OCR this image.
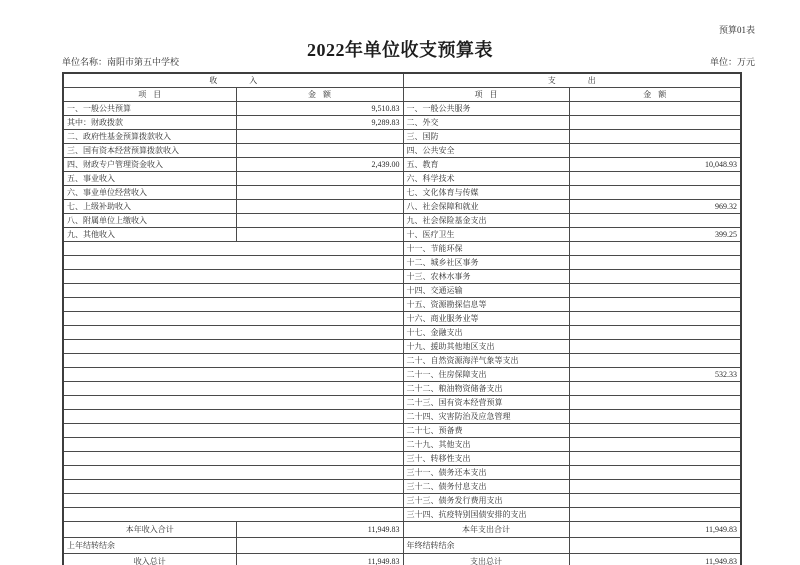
预算01表
2022年单位收支预算表
单位名称：南阳市第五中学校	单位：万元
收 入		支 出	
项 目	金 额	项 目	金 额
一、一般公共预算	9,510.83	一、一般公共服务	
其中：财政拨款	9,289.83	二、外交	
二、政府性基金预算拨款收入		三、国防	
三、国有资本经营预算拨款收入		四、公共安全	
四、财政专户管理资金收入	2,439.00	五、教育	10,048.93
五、事业收入		六、科学技术	
六、事业单位经营收入		七、文化体育与传媒	
七、上级补助收入		八、社会保障和就业	969.32
八、附属单位上缴收入		九、社会保险基金支出	
九、其他收入		十、医疗卫生	399.25
		十一、节能环保	
		十二、城乡社区事务	
		十三、农林水事务	
		十四、交通运输	
		十五、资源勘探信息等	
		十六、商业服务业等	
		十七、金融支出	
		十九、援助其他地区支出	
		二十、自然资源海洋气象等支出	
		二十一、住房保障支出	532.33
		二十二、粮油物资储备支出	
		二十三、国有资本经营预算	
		二十四、灾害防治及应急管理	
		二十七、预备费	
		二十九、其他支出	
		三十、转移性支出	
		三十一、债务还本支出	
		三十二、债务付息支出	
		三十三、债务发行费用支出	
		三十四、抗疫特别国债安排的支出	
本年收入合计	11,949.83	本年支出合计	11,949.83
上年结转结余		年终结转结余	
收入总计	11,949.83	支出总计	11,949.83
